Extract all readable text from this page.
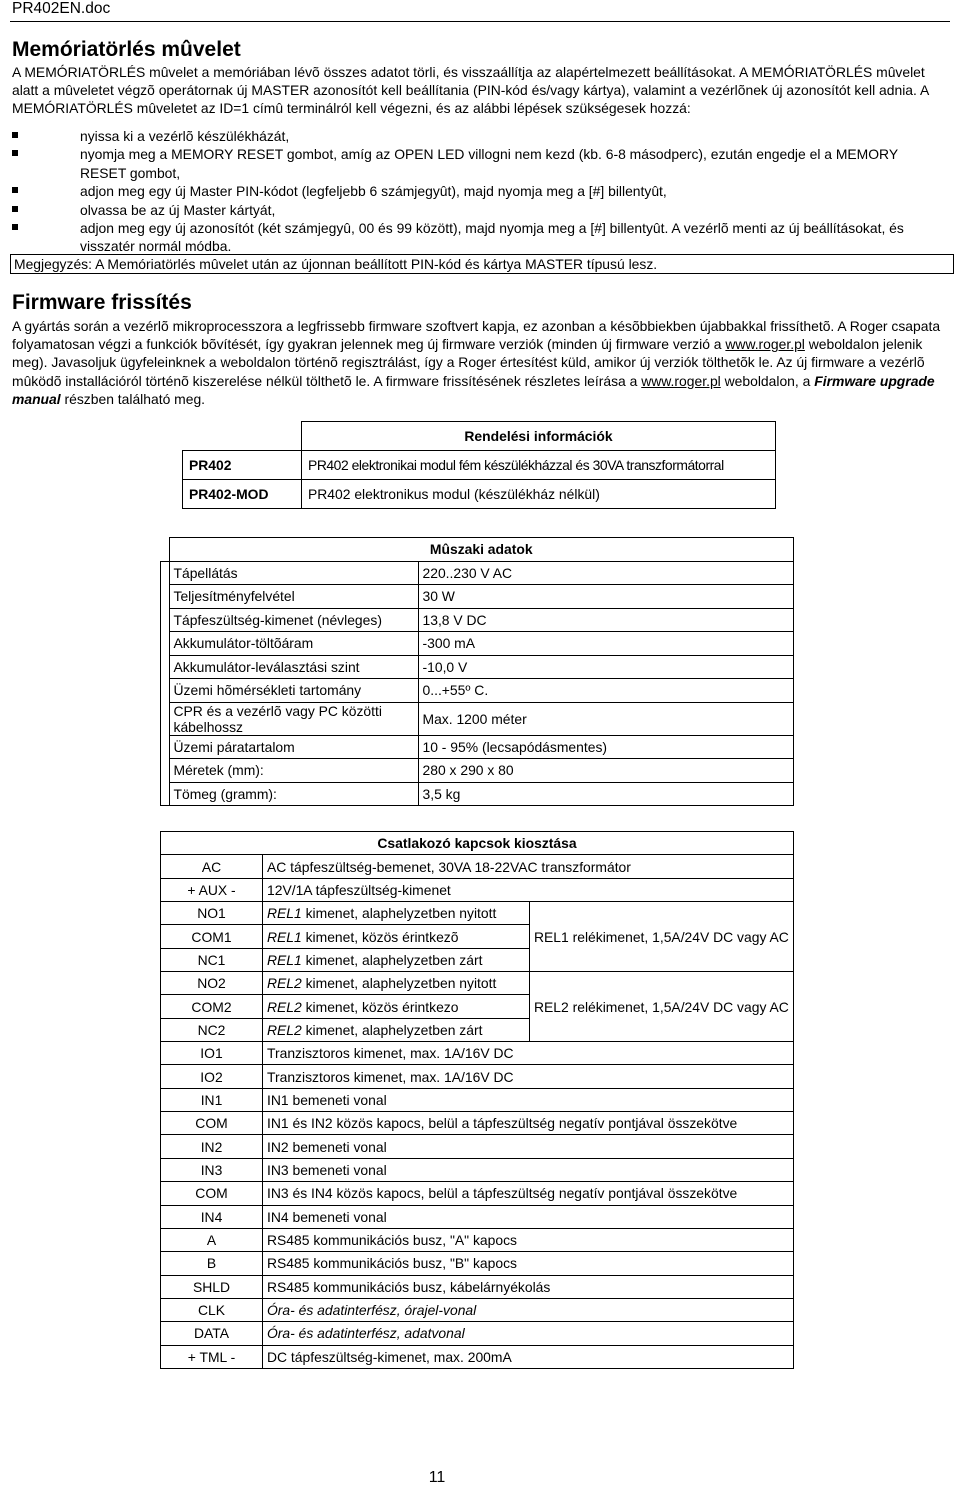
PR402EN.doc
Memóriatörlés mûvelet
A MEMÓRIATÖRLÉS mûvelet a memóriában lévõ összes adatot törli, és visszaállítja az alapértelmezett beállításokat. A MEMÓRIATÖRLÉS mûvelet alatt a mûveletet végzõ operátornak új MASTER azonosítót kell beállítania (PIN-kód és/vagy kártya), valamint a vezérlõnek új azonosítót kell adnia. A MEMÓRIATÖRLÉS mûveletet az ID=1 címû terminálról kell végezni, és az alábbi lépések szükségesek hozzá:
nyissa ki a vezérlõ készülékházát,
nyomja meg a MEMORY RESET gombot, amíg az OPEN LED villogni nem kezd (kb. 6-8 másodperc), ezután engedje el a MEMORY RESET gombot,
adjon meg egy új Master PIN-kódot (legfeljebb 6 számjegyût), majd nyomja meg a [#] billentyût,
olvassa be az új Master kártyát,
adjon meg egy új azonosítót (két számjegyû, 00 és 99 között), majd nyomja meg a [#] billentyût. A vezérlõ menti az új beállításokat, és visszatér normál módba.
Megjegyzés: A Memóriatörlés mûvelet után az újonnan beállított PIN-kód és kártya MASTER típusú lesz.
Firmware frissítés
A gyártás során a vezérlõ mikroprocesszora a legfrissebb firmware szoftvert kapja, ez azonban a késõbbiekben újabbakkal frissíthetõ. A Roger csapata folyamatosan végzi a funkciók bõvítését, így gyakran jelennek meg új firmware verziók (minden új firmware verzió a www.roger.pl weboldalon jelenik meg). Javasoljuk ügyfeleinknek a weboldalon történõ regisztrálást, így a Roger értesítést küld, amikor új verziók tölthetõk le. Az új firmware a vezérlõ mûködõ installációról történõ kiszerelése nélkül tölthetõ le. A firmware frissítésének részletes leírása a www.roger.pl weboldalon, a Firmware upgrade manual részben található meg.
	Rendelési információk
PR402	PR402 elektronikai modul fém készülékházzal és 30VA transzformátorral
PR402-MOD	PR402 elektronikus modul (készülékház nélkül)
	Mûszaki adatok	
	Tápellátás	220..230 V AC
	Teljesítményfelvétel	30 W
	Tápfeszültség-kimenet (névleges)	13,8 V DC
	Akkumulátor-töltõáram	-300 mA
	Akkumulátor-leválasztási szint	-10,0 V
	Üzemi hõmérsékleti tartomány	0...+55º C.
	CPR és a vezérlõ vagy PC közötti kábelhossz	Max. 1200 méter
	Üzemi páratartalom	10 - 95% (lecsapódásmentes)
	Méretek (mm):	280 x 290 x 80
	Tömeg (gramm):	3,5 kg
Csatlakozó kapcsok kiosztása		
AC	AC tápfeszültség-bemenet, 30VA 18-22VAC transzformátor	
+ AUX -	12V/1A tápfeszültség-kimenet	
NO1	REL1 kimenet, alaphelyzetben nyitott	REL1 relékimenet, 1,5A/24V DC vagy AC
COM1	REL1 kimenet, közös érintkezõ	
NC1	REL1 kimenet, alaphelyzetben zárt	
NO2	REL2 kimenet, alaphelyzetben nyitott	REL2 relékimenet, 1,5A/24V DC vagy AC
COM2	REL2 kimenet, közös érintkezo	
NC2	REL2 kimenet, alaphelyzetben zárt	
IO1	Tranzisztoros kimenet, max. 1A/16V DC	
IO2	Tranzisztoros kimenet, max. 1A/16V DC	
IN1	IN1 bemeneti vonal	
COM	IN1 és IN2 közös kapocs, belül a tápfeszültség negatív pontjával összekötve	
IN2	IN2 bemeneti vonal	
IN3	IN3 bemeneti vonal	
COM	IN3 és IN4 közös kapocs, belül a tápfeszültség negatív pontjával összekötve	
IN4	IN4 bemeneti vonal	
A	RS485 kommunikációs busz, "A" kapocs	
B	RS485 kommunikációs busz, "B" kapocs	
SHLD	RS485 kommunikációs busz, kábelárnyékolás	
CLK	Óra- és adatinterfész, órajel-vonal	
DATA	Óra- és adatinterfész, adatvonal	
+ TML -	DC tápfeszültség-kimenet, max. 200mA	
11
